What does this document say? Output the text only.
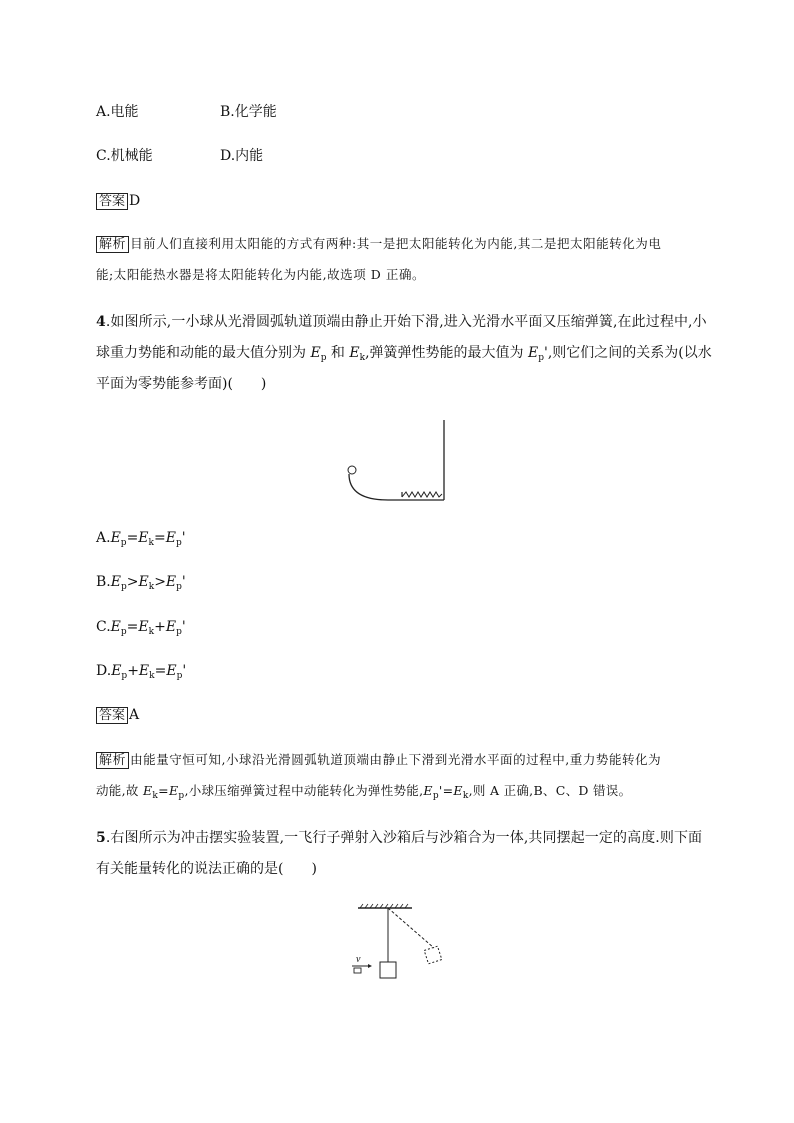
A.电能	B.化学能
C.机械能	D.内能
答案 D
解析 目前人们直接利用太阳能的方式有两种:其一是把太阳能转化为内能,其二是把太阳能转化为电
能;太阳能热水器是将太阳能转化为内能,故选项 D 正确。
4.如图所示,一小球从光滑圆弧轨道顶端由静止开始下滑,进入光滑水平面又压缩弹簧,在此过程中,小
球重力势能和动能的最大值分别为 $E_p$ 和 $E_k$,弹簧弹性势能的最大值为 $E_p'$,则它们之间的关系为(以水
平面为零势能参考面)(　　)
$A.E_p=E_k=E_p'$
$B.E_p>E_k>E_p'$
$C.E_p=E_k+E_p'$
$D.E_p+E_k=E_p'$
答案 A
解析 由能量守恒可知,小球沿光滑圆弧轨道顶端由静止下滑到光滑水平面的过程中,重力势能转化为
动能,故 $E_k=E_p$,小球压缩弹簧过程中动能转化为弹性势能$,E_p'=E_k$,则 A 正确,B、C、D 错误。
5.右图所示为冲击摆实验装置,一飞行子弹射入沙箱后与沙箱合为一体,共同摆起一定的高度.则下面
有关能量转化的说法正确的是(　　)
v
